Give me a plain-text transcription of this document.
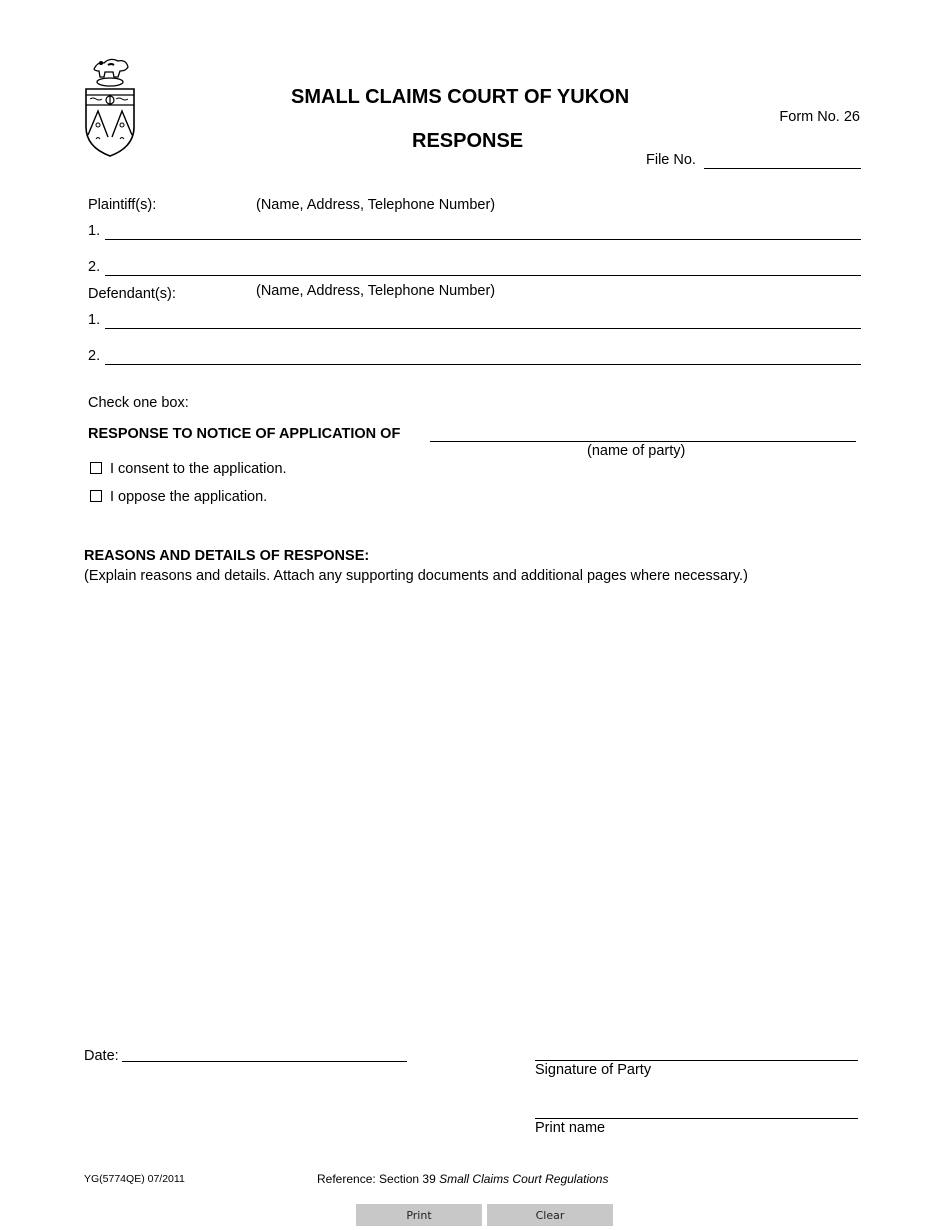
SMALL CLAIMS COURT OF YUKON
RESPONSE
Form No. 26
File No.
Plaintiff(s):	(Name, Address, Telephone Number)
1.
2.
Defendant(s):	(Name, Address, Telephone Number)
1.
2.
Check one box:
RESPONSE TO NOTICE OF APPLICATION OF
(name of party)
I consent to the application.
I oppose the application.
REASONS AND DETAILS OF RESPONSE:
(Explain reasons and details. Attach any supporting documents and additional pages where necessary.)
Date:
Signature of Party
Print name
YG(5774QE) 07/2011	Reference: Section 39 Small Claims Court Regulations
Print	Clear
